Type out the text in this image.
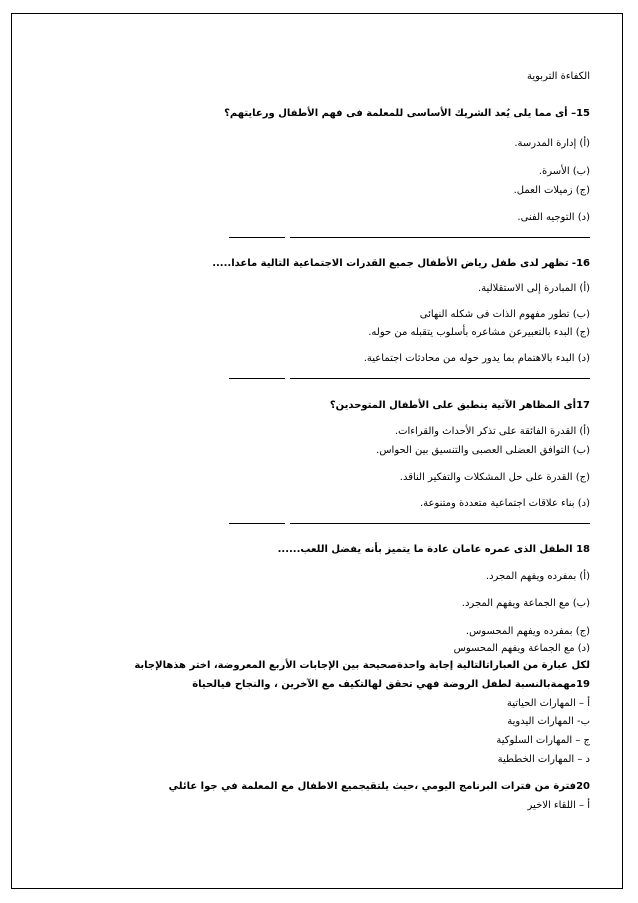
الكفاءة التربوية
15– أى مما يلى يُعد الشريك الأساسى للمعلمة فى فهم الأطفال ورعايتهم؟
(أ) إدارة المدرسة.
(ب) الأسرة.
(ج) زميلات العمل.
(د) التوجيه الفنى.
16- تظهر لدى طفل رياض الأطفال جميع القدرات الاجتماعية التالية ماعدا.....
(أ) المبادرة إلى الاستقلالية.
(ب) تطور مفهوم الذات فى شكله النهائى
(ج) البدء بالتعبيرعن مشاعره بأسلوب يتقبله من حوله.
(د) البدء بالاهتمام بما يدور حوله من محادثات اجتماعية.
17أى المظاهر الآتية ينطبق على الأطفال المتوحدين؟
(أ) القدرة الفائقة على تذكر الأحداث والقراءات.
(ب) التوافق العضلى العصبى والتنسيق بين الحواس.
(ج) القدرة على حل المشكلات والتفكير الناقد.
(د) بناء علاقات اجتماعية متعددة ومتنوعة.
18 الطفل الذى عمره عامان عادة ما يتميز بأنه يفضل اللعب......
(أ) بمفرده ويفهم المجرد.
(ب) مع الجماعة ويفهم المجرد.
(ج) بمفرده ويفهم المحسوس.
(د) مع الجماعة ويفهم المحسوس
لكل عبارة من العباراتالتالية إجابة واحدةصحيحة بين الإجابات الأربع المعروضة، اختر هذهالإجابة
19مهمةبالنسبة لطفل الروضة فهي تحقق لهالتكيف مع الآخرين ، والنجاح فيالحياة
أ – المهارات الحياتية
ب- المهارات اليدوية
ج – المهارات السلوكية
د – المهارات الخططية
20فترة من فترات البرنامج اليومي ،حيث يلتقيجميع الاطفال مع المعلمة في جوا عائلي
أ – اللقاء الاخير
